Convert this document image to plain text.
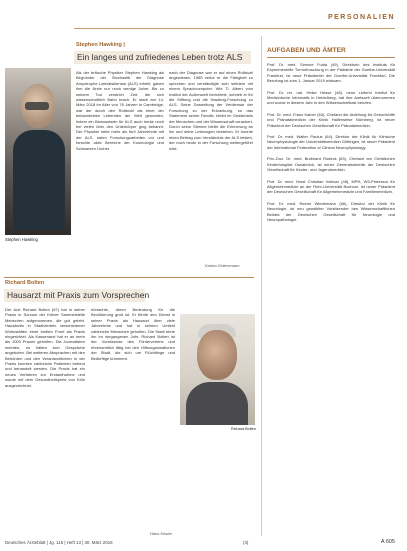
PERSONALIEN
Stephen Hawking |
Ein langes und zufriedenes Leben trotz ALS
Stephen Hawking
Als der britische Physiker Stephen Hawking als Begründer der Stochastik die Diagnose Amyotrophe Lateralsklerose (ALS) erhielt, gaben ihm die Ärzte nur noch wenige Jahre. Bis zu seinem Tod verstrich Zeit, die sich wissenschaftlich Bahn brach. Er starb am 14. März 2018 im Alter von 76 Jahren in Cambridge, war der durch den Rollstuhl als einer der bekanntesten Lebenden der Welt geworden, indem ein Bewusstsein für ALS auch heute noch bei vielen über den Unterkörper ging bekannt. Der Physiker lebte mehr als fünf Jahrzehnte mit der ALS, nahm Forschungsarbeiten vor und forschte aktiv Bereiche der Kosmologie und Schwarzen Löcher.
nach der Diagnose war er auf einen Rollstuhl angewiesen. 1985 verlor er die Fähigkeit zu sprechen und verständigte sich seitdem mit einem Sprachcomputer. Wie Tl. Albert vom Institut der Außenwelt berichtete, schrieb er für die Stiftung und die Hawking-Forschung zu ALS. Seine Darstellung der Verdienste der Forschung zu der Erkrankung, so das Statement seiner Familie, bleibt im Gedächtnis der Menschen und der Wissenschaft verankert. Durch seine Stimme bleibt die Erinnerung an ihn und seine Leistungen bestehen. Er konnte einen Beitrag zum Verständnis der ALS leisten, der noch heute in der Forschung weitergeführt wird.
Karina Gottesmann
Richard Bolten
Hausarzt mit Praxis zum Vorsprechen
Der Arzt Richard Bolten (67) hat in seiner Praxis in Sorsum der Kölner Sammelstelle Menschen aufgenommen, die gut gelebt. Hausärztin in Stadtvierteln verschiedener Wohnstätten einer breiten Front als Praxis eingerichtet. Als Kassenarzt hat er an mehr als 1000 Praxen geholfen. Die Journalisten meinten, es hätten sich Gespräche angeboten. Bei weiteren Absprachen mit den Behörden und den Verantwortlichen in der Praxis konnten zahlreiche Patienten betreut und behandelt werden. Die Praxis hat ein neues Verfahren zur Erstaufnahme und wurde mit dem Gesundheitspreis von Köln ausgezeichnet.
erbrachte, deren Bedeutung für die Bevölkerung groß ist. Er führte den Dienst in seiner Praxis als Hausarzt über viele Jahrzehnte und hat in seinem Umfeld zahlreiche Menschen geholfen. Die Stadt ehrte ihn im vergangenen Jahr. Richard Bolten ist der Vorsitzende des Fördervereins und ehrenamtlich tätig bei den Hilfsorganisationen der Stadt, die sich um Flüchtlinge und Bedürftige kümmern.
Hans Köster
Richard Bolten
AUFGABEN UND ÄMTER

Prof. Dr. med. Simone Fulda (49), Direktorin des Instituts für Experimentelle Tumorforschung in der Pädiatrie der Goethe-Universität Frankfurt, ist neue Präsidentin der Goethe-Universität Frankfurt. Die Berufung ist zum 1. Januar 2019 wirksam.

Prof. Dr. rer. nat. Heike Hesse (48), neue Leiterin Institut für Medizinische Informatik in Heidelberg, hat ihre Amtszeit übernommen und wurde in diesem Jahr in den Wissenschaftsrat berufen.

Prof. Dr. med. Franz Kainer (63), Chefarzt der Abteilung für Geburtshilfe und Pränatalmedizin der Klinik Hallerwiese Nürnberg, ist neuer Präsident der Deutschen Gesellschaft für Pränatalmedizin.

Prof. Dr. med. Walter Paulus (64), Direktor der Klinik für Klinische Neurophysiologie der Universitätsmedizin Göttingen, ist neuer Präsident der International Federation of Clinical Neurophysiology.

Priv.-Doz. Dr. med. Burkhard Rodeck (63), Chefarzt am Christlichen Kinderhospital Osnabrück, ist neuer Generalsekretär der Deutschen Gesellschaft für Kinder- und Jugendmedizin.

Prof. Dr. med. Horst Christian Vollmar (48), MPH, W3-Professor für Allgemeinmedizin an der Ruhr-Universität Bochum, ist neuer Präsident der Deutschen Gesellschaft für Allgemeinmedizin und Familienmedizin.

Prof. Dr. med. Reiner Wiedemann (66), Direktor der Klinik für Neurologie, ist neu gewählter Vorsitzender des Wissenschaftlichen Beirats der Deutschen Gesellschaft für Neurologie und Neuropathologie.

Deutsches Ärzteblatt | Jg. 115 | Heft 13 | 30. März 2018	(3)	A 605
